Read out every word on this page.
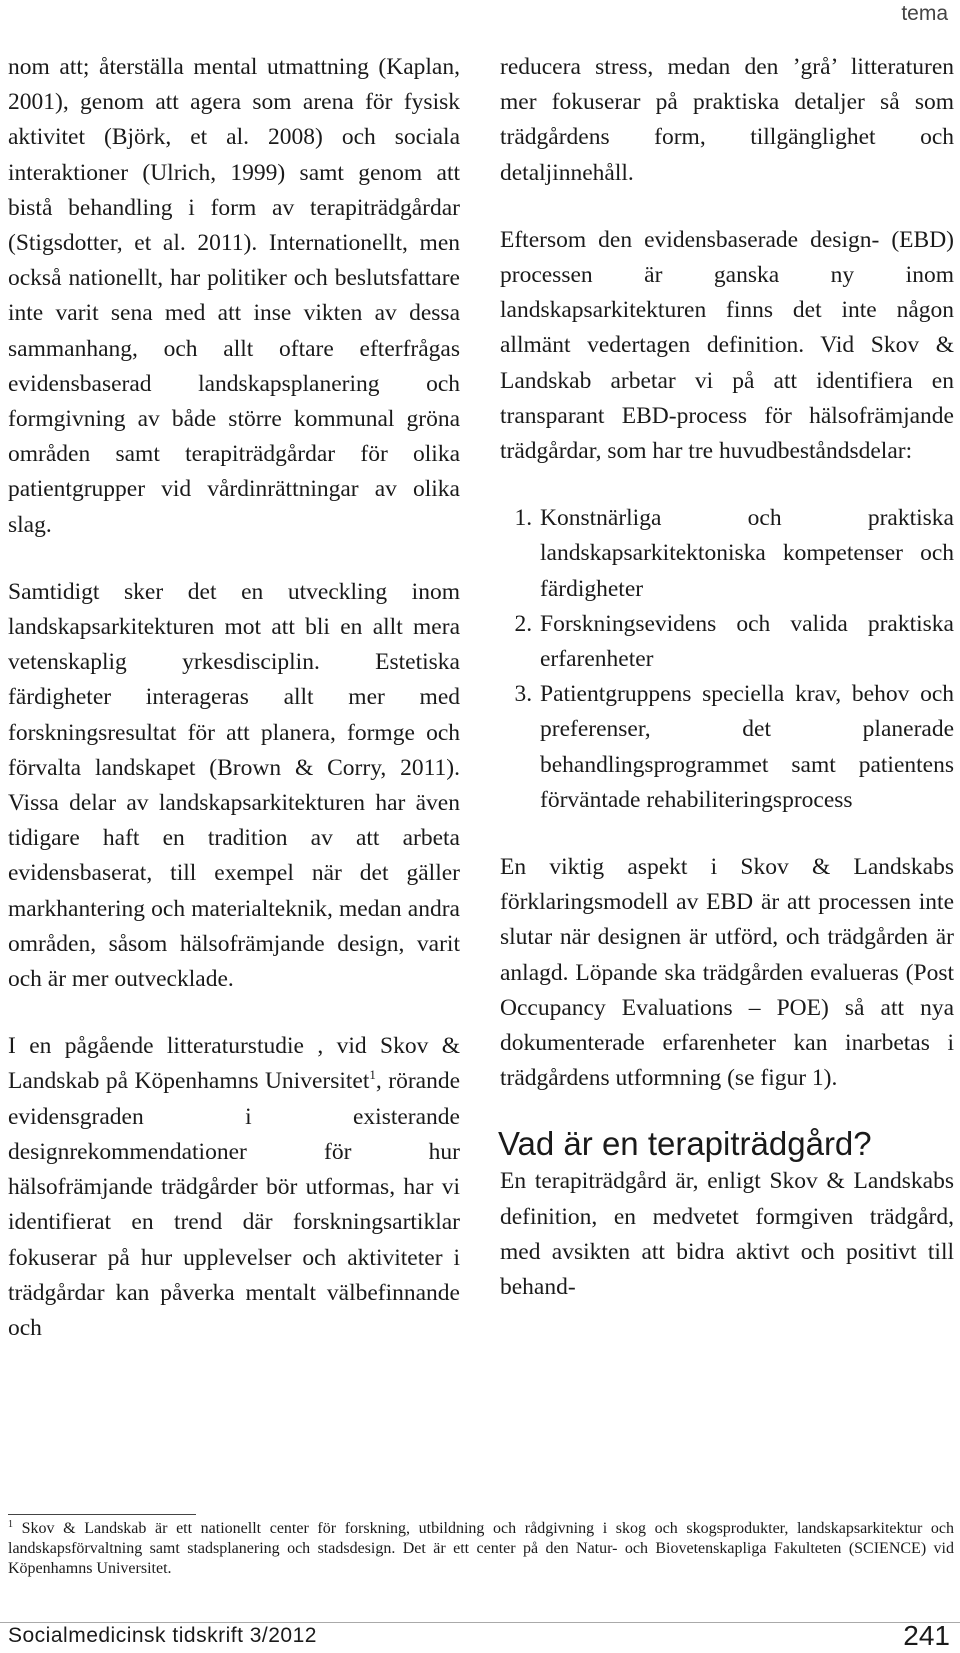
tema

nom att; återställa mental utmattning (Kaplan, 2001), genom att agera som arena för fysisk aktivitet (Björk, et al. 2008) och sociala interaktioner (Ulrich, 1999) samt genom att bistå behandling i form av terapiträdgårdar (Stigsdotter, et al. 2011). Internationellt, men också nationellt, har politiker och beslutsfattare inte varit sena med att inse vikten av dessa sammanhang, och allt oftare efterfrågas evidensbaserad landskapsplanering och formgivning av både större kommunal gröna områden samt terapiträdgårdar för olika patientgrupper vid vårdinrättningar av olika slag.

Samtidigt sker det en utveckling inom landskapsarkitekturen mot att bli en allt mera vetenskaplig yrkesdisciplin. Estetiska färdigheter interageras allt mer med forskningsresultat för att planera, formge och förvalta landskapet (Brown & Corry, 2011). Vissa delar av landskapsarkitekturen har även tidigare haft en tradition av att arbeta evidensbaserat, till exempel när det gäller markhantering och materialteknik, medan andra områden, såsom hälsofrämjande design, varit och är mer outvecklade.

I en pågående litteraturstudie , vid Skov & Landskab på Köpenhamns Universitet$^1$, rörande evidensgraden i existerande designrekommendationer för hur hälsofrämjande trädgårder bör utformas, har vi identifierat en trend där forskningsartiklar fokuserar på hur upplevelser och aktiviteter i trädgårdar kan påverka mentalt välbefinnande och

reducera stress, medan den ’grå’ litteraturen mer fokuserar på praktiska detaljer så som trädgårdens form, tillgänglighet och detaljinnehåll.

Eftersom den evidensbaserade design- (EBD) processen är ganska ny inom landskapsarkitekturen finns det inte någon allmänt vedertagen definition. Vid Skov & Landskab arbetar vi på att identifiera en transparant EBD-process för hälsofrämjande trädgårdar, som har tre huvudbeståndsdelar:

1. Konstnärliga och praktiska landskapsarkitektoniska kompetenser och färdigheter
2. Forskningsevidens och valida praktiska erfarenheter
3. Patientgruppens speciella krav, behov och preferenser, det planerade behandlingsprogrammet samt patientens förväntade rehabiliteringsprocess

En viktig aspekt i Skov & Landskabs förklaringsmodell av EBD är att processen inte slutar när designen är utförd, och trädgården är anlagd. Löpande ska trädgården evalueras (Post Occupancy Evaluations – POE) så att nya dokumenterade erfarenheter kan inarbetas i trädgårdens utformning (se figur 1).

Vad är en terapiträdgård?

En terapiträdgård är, enligt Skov & Landskabs definition, en medvetet formgiven trädgård, med avsikten att bidra aktivt och positivt till behand-

$^1$ Skov & Landskab är ett nationellt center för forskning, utbildning och rådgivning i skog och skogsprodukter, landskapsarkitektur och landskapsförvaltning samt stadsplanering och stadsdesign. Det är ett center på den Natur- och Biovetenskapliga Fakulteten (SCIENCE) vid Köpenhamns Universitet.
Socialmedicinsk tidskrift 3/2012	241
